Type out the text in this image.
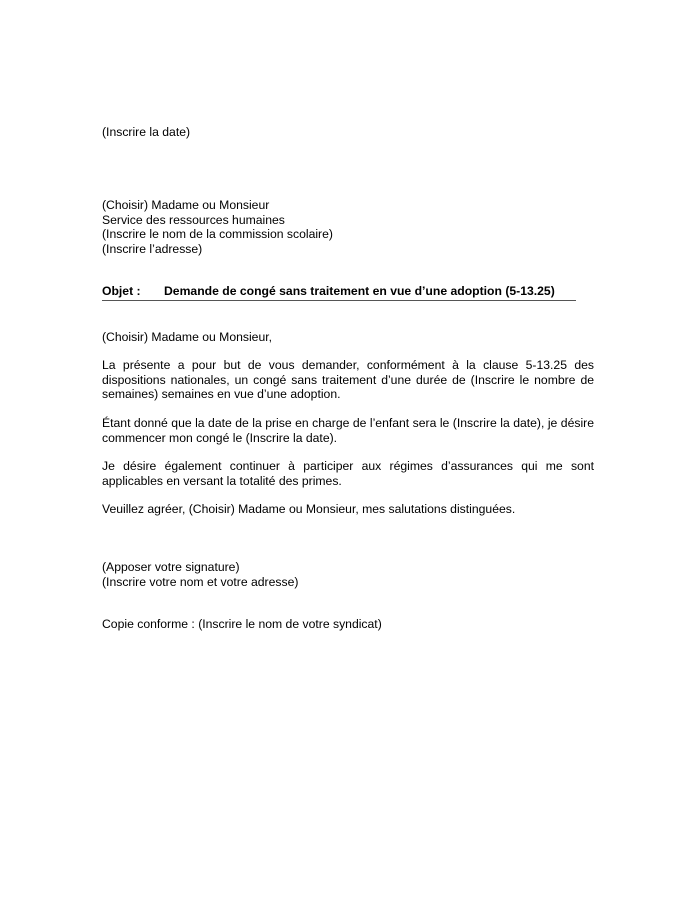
(Inscrire la date)
(Choisir) Madame ou Monsieur
Service des ressources humaines
(Inscrire le nom de la commission scolaire)
(Inscrire l’adresse)
Objet : Demande de congé sans traitement en vue d’une adoption (5-13.25)
(Choisir) Madame ou Monsieur,
La présente a pour but de vous demander, conformément à la clause 5-13.25 des dispositions nationales, un congé sans traitement d’une durée de (Inscrire le nombre de semaines) semaines en vue d’une adoption.
Étant donné que la date de la prise en charge de l’enfant sera le (Inscrire la date), je désire commencer mon congé le (Inscrire la date).
Je désire également continuer à participer aux régimes d’assurances qui me sont applicables en versant la totalité des primes.
Veuillez agréer, (Choisir) Madame ou Monsieur, mes salutations distinguées.
(Apposer votre signature)
(Inscrire votre nom et votre adresse)
Copie conforme : (Inscrire le nom de votre syndicat)
